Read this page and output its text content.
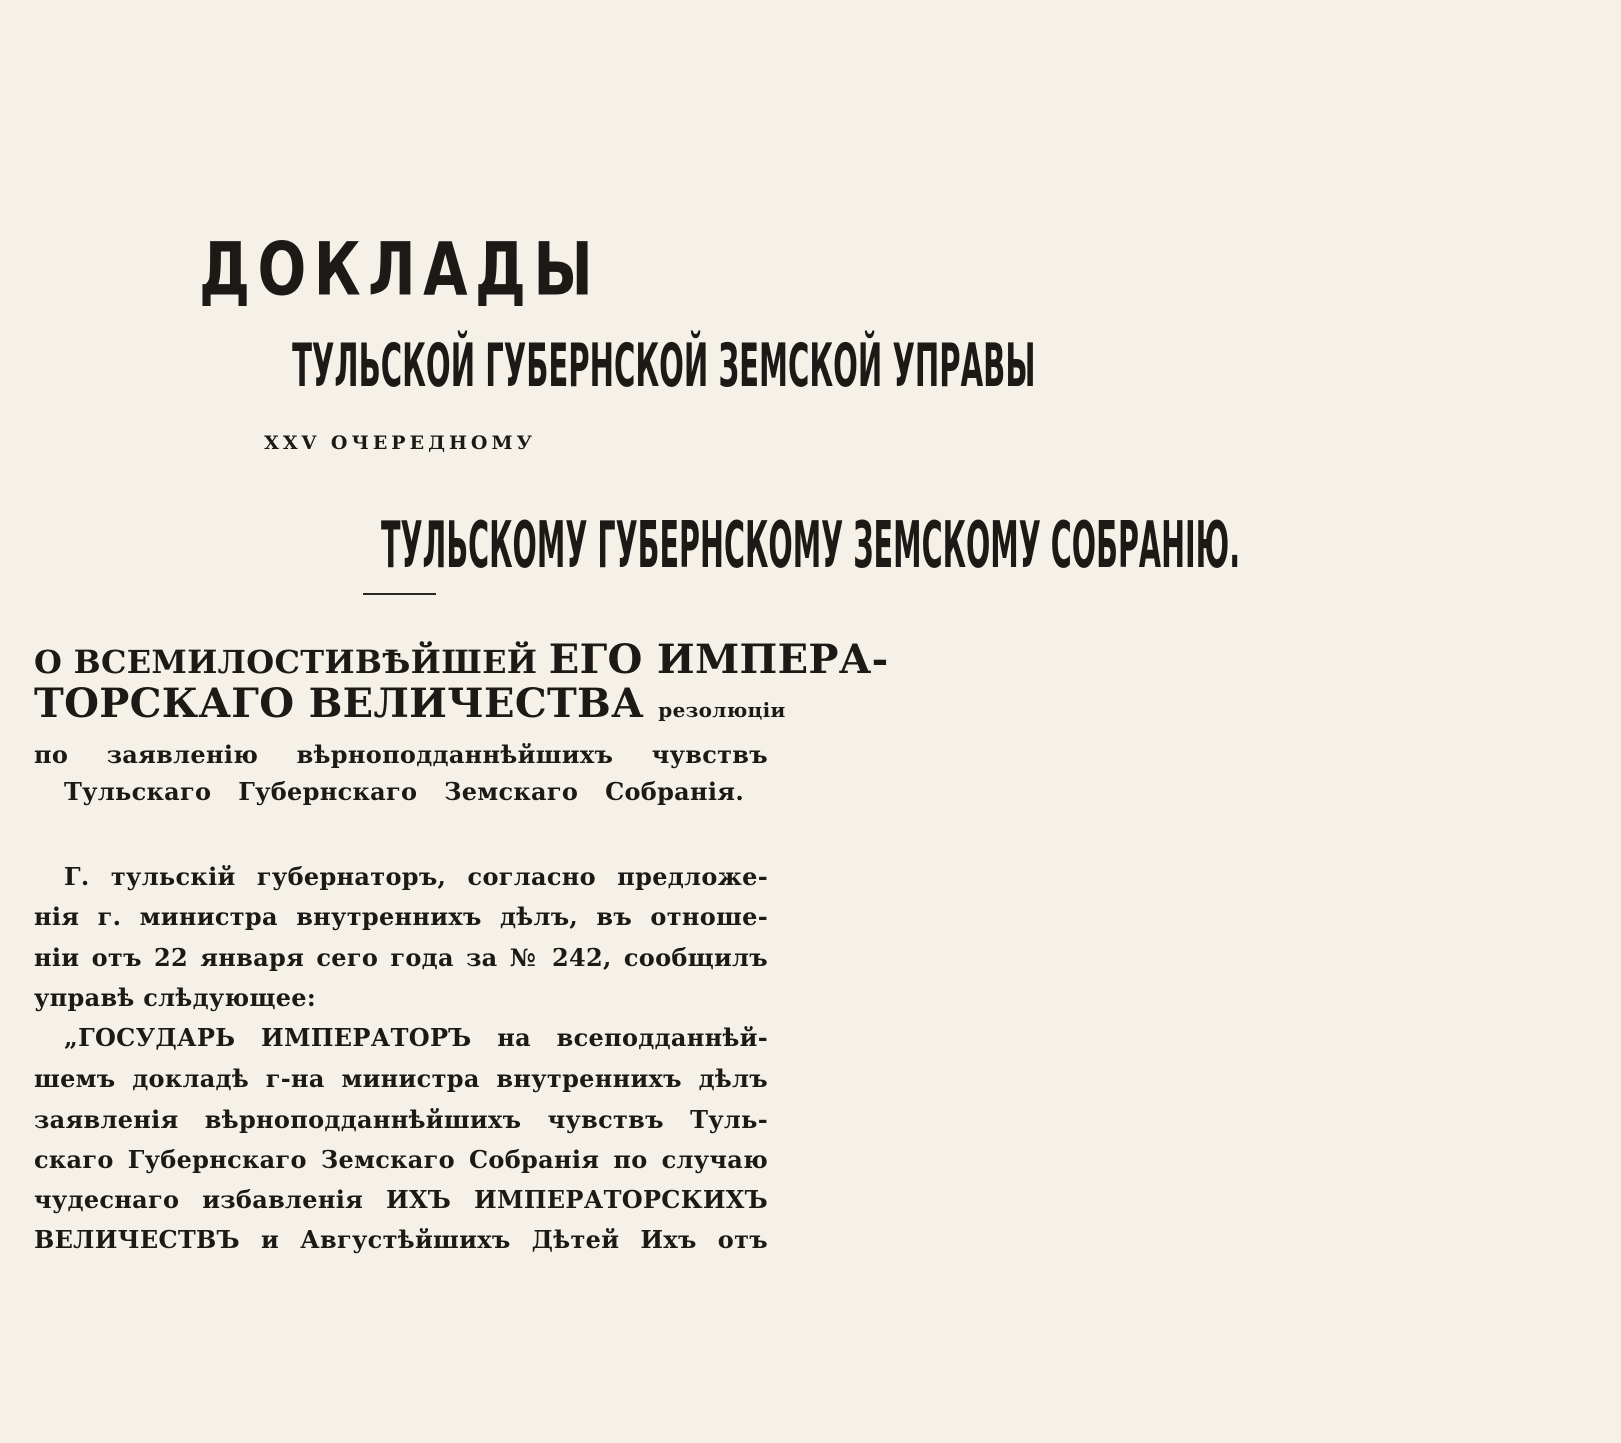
ДОКЛАДЫ
ТУЛЬСКОЙ ГУБЕРНСКОЙ ЗЕМСКОЙ УПРАВЫ
XXV ОЧЕРЕДНОМУ
ТУЛЬСКОМУ ГУБЕРНСКОМУ ЗЕМСКОМУ СОБРАНІЮ.
О ВСЕМИЛОСТИВѢЙШЕЙ ЕГО ИМПЕРА-
ТОРСКАГО ВЕЛИЧЕСТВА резолюціи
по заявленію вѣрноподданнѣйшихъ чувствъ
Тульскаго Губернскаго Земскаго Собранія.
Г. тульскій губернаторъ, согласно предложе-
нія г. министра внутреннихъ дѣлъ, въ отноше-
ніи отъ 22 января сего года за № 242, сообщилъ
управѣ слѣдующее:
„ГОСУДАРЬ ИМПЕРАТОРЪ на всеподданнѣй-
шемъ докладѣ г-на министра внутреннихъ дѣлъ
заявленія вѣрноподданнѣйшихъ чувствъ Туль-
скаго Губернскаго Земскаго Собранія по случаю
чудеснаго избавленія ИХЪ ИМПЕРАТОРСКИХЪ
ВЕЛИЧЕСТВЪ и Августѣйшихъ Дѣтей Ихъ отъ
